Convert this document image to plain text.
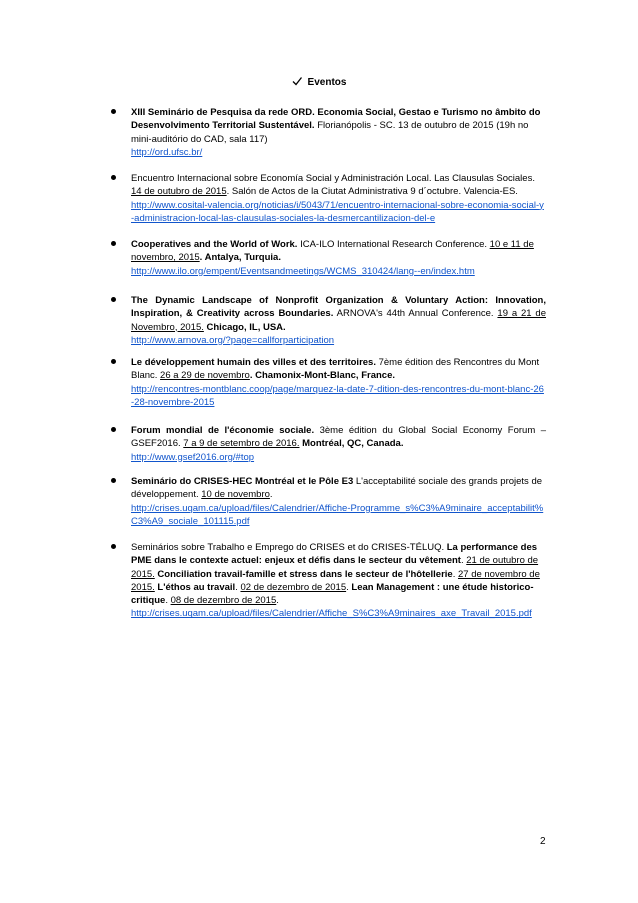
Eventos

XIII Seminário de Pesquisa da rede ORD. Economia Social, Gestao e Turismo no âmbito do Desenvolvimento Territorial Sustentável. Florianópolis - SC. 13 de outubro de 2015 (19h no mini-auditório do CAD, sala 117)

http://ord.ufsc.br/

Encuentro Internacional sobre Economía Social y Administración Local. Las Clausulas Sociales.

14 de outubro de 2015. Salón de Actos de la Ciutat Administrativa 9 d´octubre. Valencia-ES.

http://www.cosital-valencia.org/noticias/i/5043/71/encuentro-internacional-sobre-economia-social-y-administracion-local-las-clausulas-sociales-la-desmercantilizacion-del-e

Cooperatives and the World of Work. ICA-ILO International Research Conference. 10 e 11 de novembro, 2015. Antalya, Turquia.

http://www.ilo.org/empent/Eventsandmeetings/WCMS_310424/lang--en/index.htm

The Dynamic Landscape of Nonprofit Organization & Voluntary Action: Innovation, Inspiration, & Creativity across Boundaries. ARNOVA's 44th Annual Conference. 19 a 21 de Novembro, 2015. Chicago, IL, USA.

http://www.arnova.org/?page=callforparticipation

Le développement humain des villes et des territoires. 7ème édition des Rencontres du Mont Blanc. 26 a 29 de novembro. Chamonix-Mont-Blanc, France.

http://rencontres-montblanc.coop/page/marquez-la-date-7-dition-des-rencontres-du-mont-blanc-26-28-novembre-2015

Forum mondial de l'économie sociale. 3ème édition du Global Social Economy Forum – GSEF2016. 7 a 9 de setembro de 2016. Montréal, QC, Canada.

http://www.gsef2016.org/#top

Seminário do CRISES-HEC Montréal et le Pôle E3 L'acceptabilité sociale des grands projets de développement. 10 de novembro.

http://crises.uqam.ca/upload/files/Calendrier/Affiche-Programme_s%C3%A9minaire_acceptabilit%C3%A9_sociale_101115.pdf

Seminários sobre Trabalho e Emprego do CRISES et do CRISES-TÉLUQ. La performance des PME dans le contexte actuel: enjeux et défis dans le secteur du vêtement. 21 de outubro de 2015. Conciliation travail-famille et stress dans le secteur de l'hôtellerie. 27 de novembro de 2015. L'éthos au travail. 02 de dezembro de 2015. Lean Management : une étude historico-critique. 08 de dezembro de 2015.

http://crises.uqam.ca/upload/files/Calendrier/Affiche_S%C3%A9minaires_axe_Travail_2015.pdf

2
